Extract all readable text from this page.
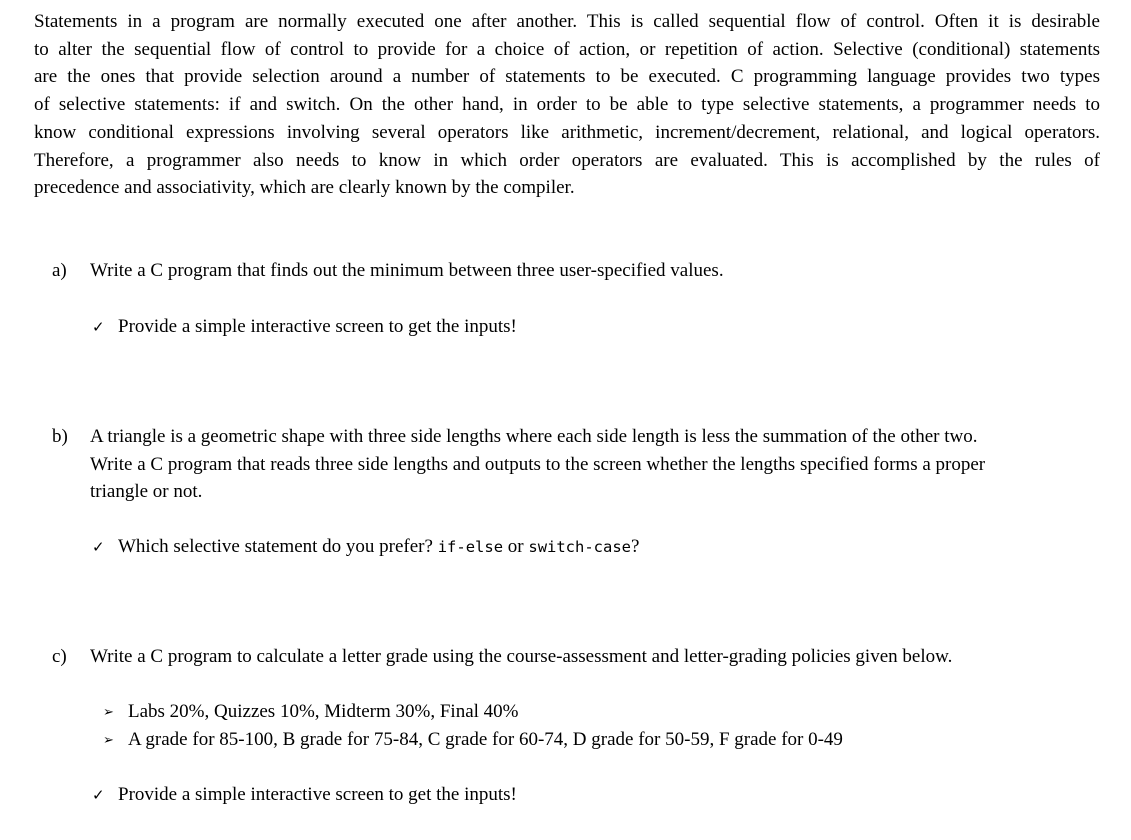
Statements in a program are normally executed one after another. This is called sequential flow of control. Often it is desirable
to alter the sequential flow of control to provide for a choice of action, or repetition of action. Selective (conditional) statements
are the ones that provide selection around a number of statements to be executed. C programming language provides two types
of selective statements: if and switch. On the other hand, in order to be able to type selective statements, a programmer needs to
know conditional expressions involving several operators like arithmetic, increment/decrement, relational, and logical operators.
Therefore, a programmer also needs to know in which order operators are evaluated. This is accomplished by the rules of
precedence and associativity, which are clearly known by the compiler.
a) Write a C program that finds out the minimum between three user-specified values.
✓ Provide a simple interactive screen to get the inputs!
b) A triangle is a geometric shape with three side lengths where each side length is less the summation of the other two.
Write a C program that reads three side lengths and outputs to the screen whether the lengths specified forms a proper
triangle or not.
✓ Which selective statement do you prefer? if-else or switch-case?
c) Write a C program to calculate a letter grade using the course-assessment and letter-grading policies given below.
➢ Labs 20%, Quizzes 10%, Midterm 30%, Final 40%
➢ A grade for 85-100, B grade for 75-84, C grade for 60-74, D grade for 50-59, F grade for 0-49
✓ Provide a simple interactive screen to get the inputs!
